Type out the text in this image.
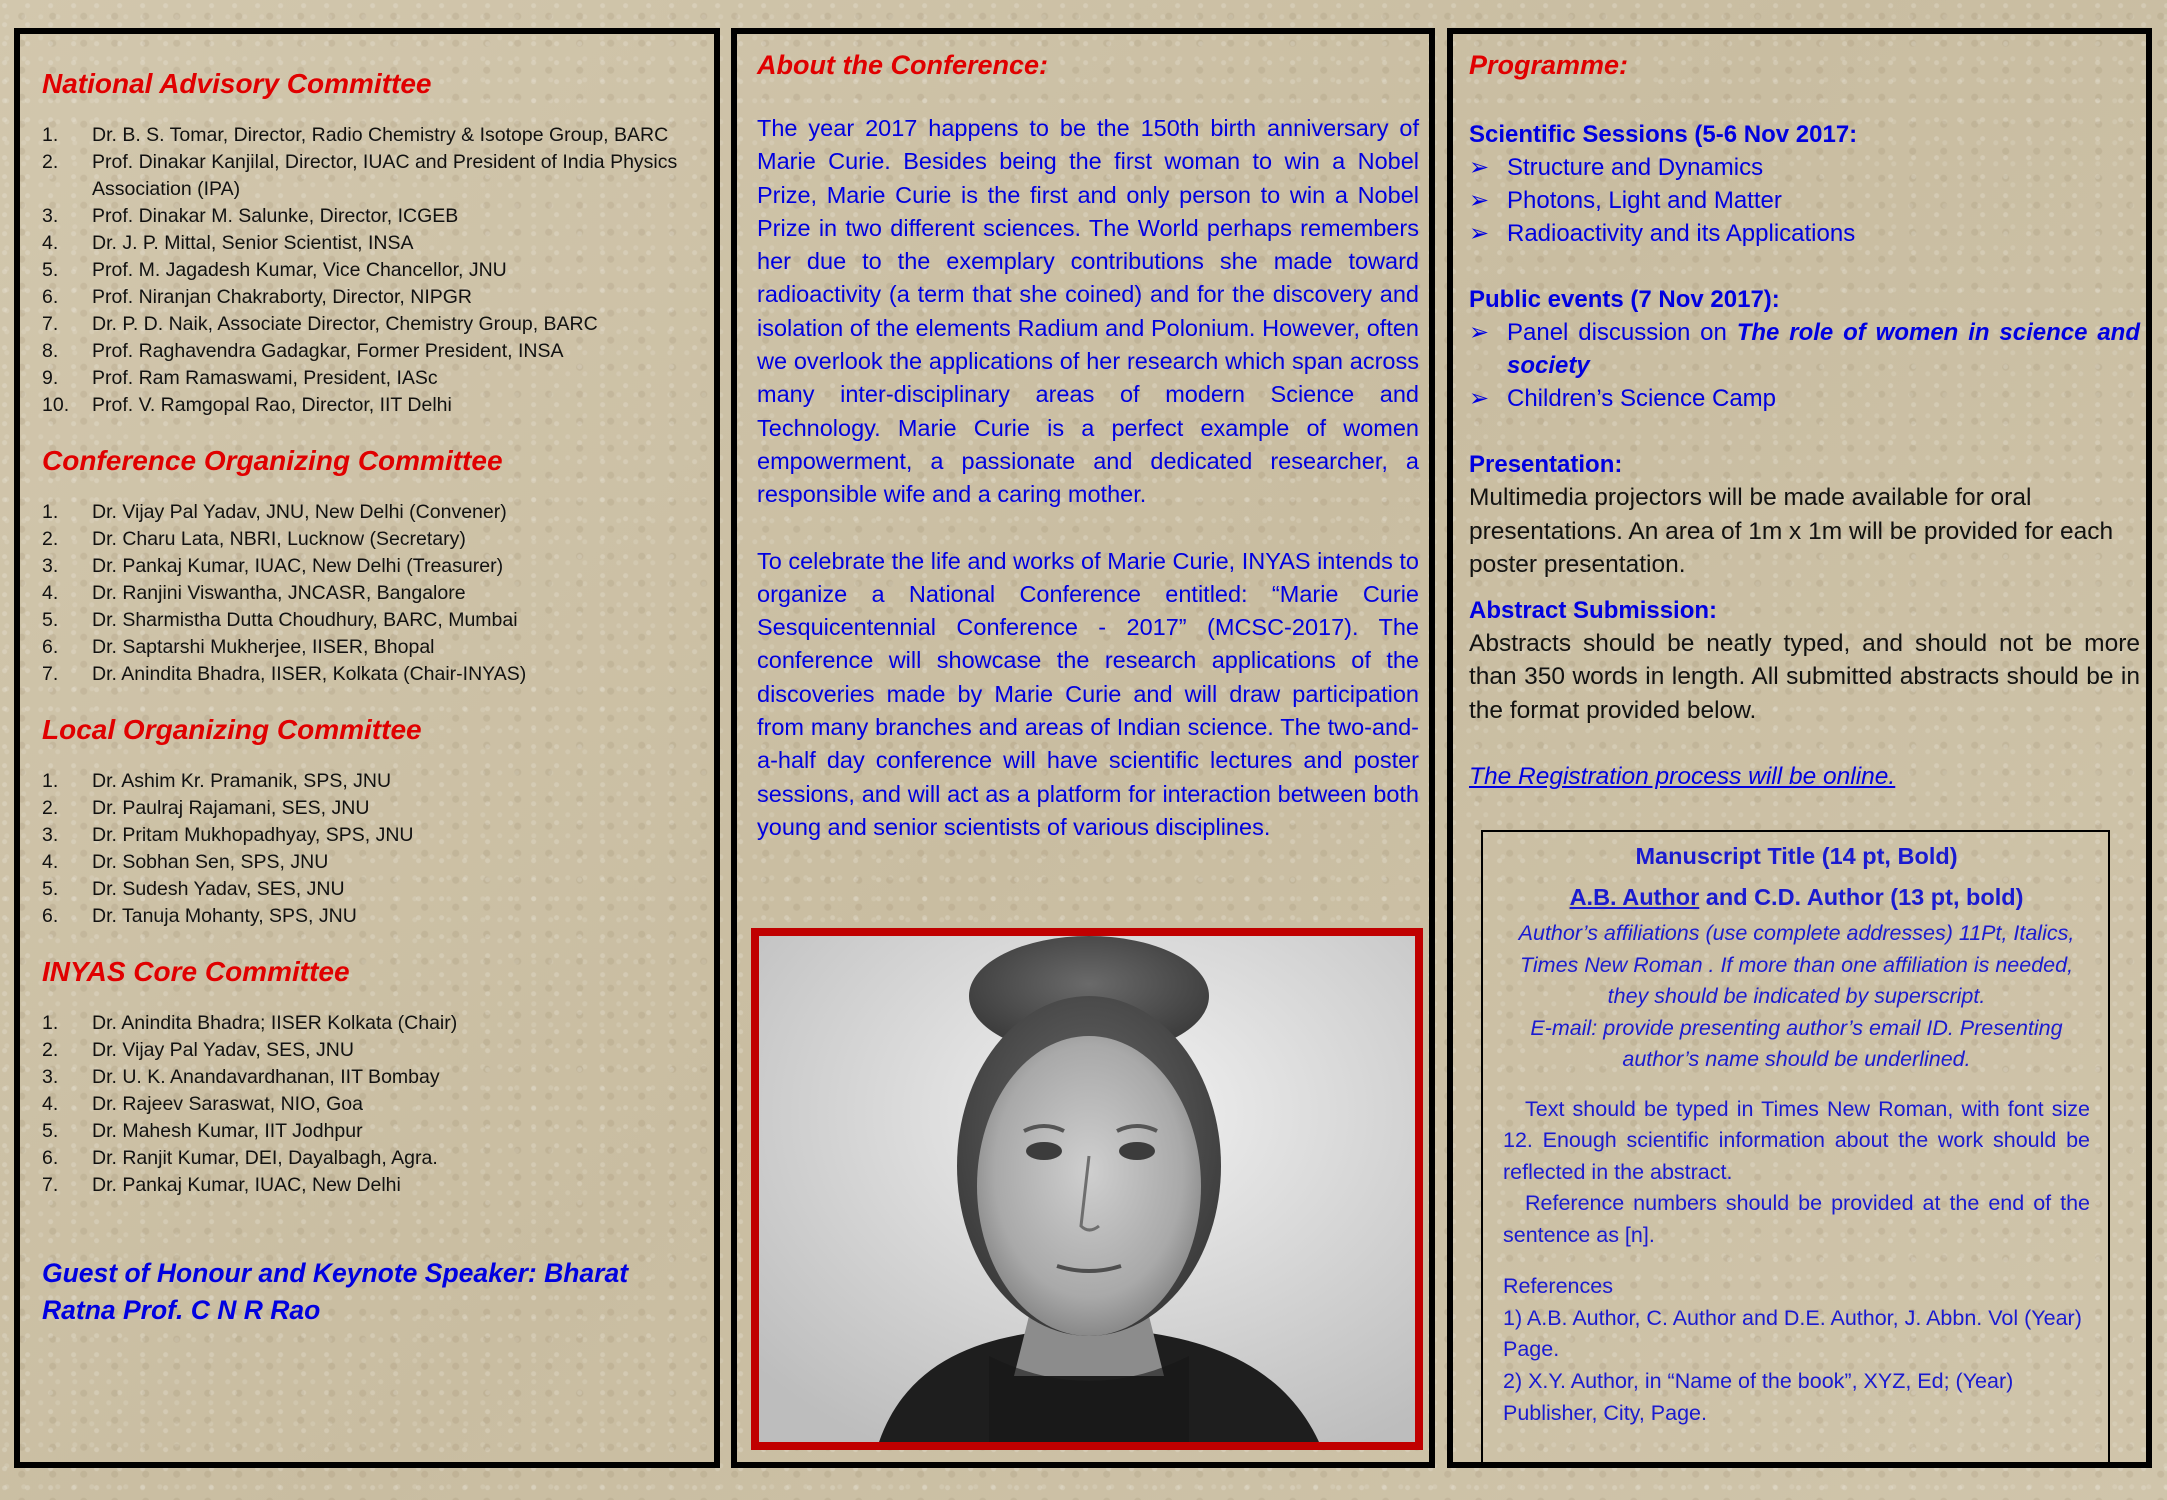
National Advisory Committee
1.	Dr. B. S. Tomar, Director, Radio Chemistry & Isotope Group, BARC
2.	Prof. Dinakar Kanjilal, Director, IUAC and President of India Physics Association (IPA)
3.	Prof. Dinakar M. Salunke, Director, ICGEB
4.	Dr. J. P. Mittal, Senior Scientist, INSA
5.	Prof. M. Jagadesh Kumar, Vice Chancellor, JNU
6.	Prof. Niranjan Chakraborty, Director, NIPGR
7.	Dr. P. D. Naik, Associate Director, Chemistry Group, BARC
8.	Prof. Raghavendra Gadagkar, Former President, INSA
9.	Prof. Ram Ramaswami, President, IASc
10.	Prof. V. Ramgopal Rao, Director, IIT Delhi
Conference Organizing Committee
1.	Dr. Vijay Pal Yadav, JNU, New Delhi (Convener)
2.	Dr. Charu Lata, NBRI, Lucknow (Secretary)
3.	Dr. Pankaj Kumar, IUAC, New Delhi (Treasurer)
4.	Dr. Ranjini Viswantha, JNCASR, Bangalore
5.	Dr. Sharmistha Dutta Choudhury, BARC, Mumbai
6.	Dr. Saptarshi Mukherjee, IISER, Bhopal
7.	Dr. Anindita Bhadra, IISER, Kolkata (Chair-INYAS)
Local Organizing Committee
1.	Dr. Ashim Kr. Pramanik, SPS, JNU
2.	Dr. Paulraj Rajamani, SES, JNU
3.	Dr. Pritam Mukhopadhyay, SPS, JNU
4.	Dr. Sobhan Sen, SPS, JNU
5.	Dr. Sudesh Yadav, SES, JNU
6.	Dr. Tanuja Mohanty, SPS, JNU
INYAS Core Committee
1.	Dr. Anindita Bhadra; IISER Kolkata (Chair)
2.	Dr. Vijay Pal Yadav, SES, JNU
3.	Dr. U. K. Anandavardhanan, IIT Bombay
4.	Dr. Rajeev Saraswat, NIO, Goa
5.	Dr. Mahesh Kumar, IIT Jodhpur
6.	Dr. Ranjit Kumar, DEI, Dayalbagh, Agra.
7.	Dr. Pankaj Kumar, IUAC, New Delhi
Guest of Honour and Keynote Speaker: Bharat Ratna Prof. C N R Rao
About the Conference:

The year 2017 happens to be the 150th birth anniversary of Marie Curie. Besides being the first woman to win a Nobel Prize, Marie Curie is the first and only person to win a Nobel Prize in two different sciences. The World perhaps remembers her due to the exemplary contributions she made toward radioactivity (a term that she coined) and for the discovery and isolation of the elements Radium and Polonium. However, often we overlook the applications of her research which span across many inter-disciplinary areas of modern Science and Technology. Marie Curie is a perfect example of women empowerment, a passionate and dedicated researcher, a responsible wife and a caring mother.

To celebrate the life and works of Marie Curie, INYAS intends to organize a National Conference entitled: “Marie Curie Sesquicentennial Conference - 2017” (MCSC-2017). The conference will showcase the research applications of the discoveries made by Marie Curie and will draw participation from many branches and areas of Indian science. The two-and-a-half day conference will have scientific lectures and poster sessions, and will act as a platform for interaction between both young and senior scientists of various disciplines.

Programme:

Scientific Sessions (5-6 Nov 2017:

➢ Structure and Dynamics
➢ Photons, Light and Matter
➢ Radioactivity and its Applications

Public events (7 Nov 2017):

➢ Panel discussion on The role of women in science and society
➢ Children’s Science Camp

Presentation:

Multimedia projectors will be made available for oral presentations. An area of 1m x 1m will be provided for each poster presentation.

Abstract Submission:

Abstracts should be neatly typed, and should not be more than 350 words in length. All submitted abstracts should be in the format provided below.

The Registration process will be online.

Manuscript Title (14 pt, Bold)

A.B. Author and C.D. Author (13 pt, bold)

Author’s affiliations (use complete addresses) 11Pt, Italics, Times New Roman . If more than one affiliation is needed, they should be indicated by superscript.

E-mail: provide presenting author’s email ID. Presenting author’s name should be underlined.

Text should be typed in Times New Roman, with font size 12. Enough scientific information about the work should be reflected in the abstract.

Reference numbers should be provided at the end of the sentence as [n].

References
1) A.B. Author, C. Author and D.E. Author, J. Abbn. Vol (Year) Page.
2) X.Y. Author, in “Name of the book”, XYZ, Ed; (Year) Publisher, City, Page.
